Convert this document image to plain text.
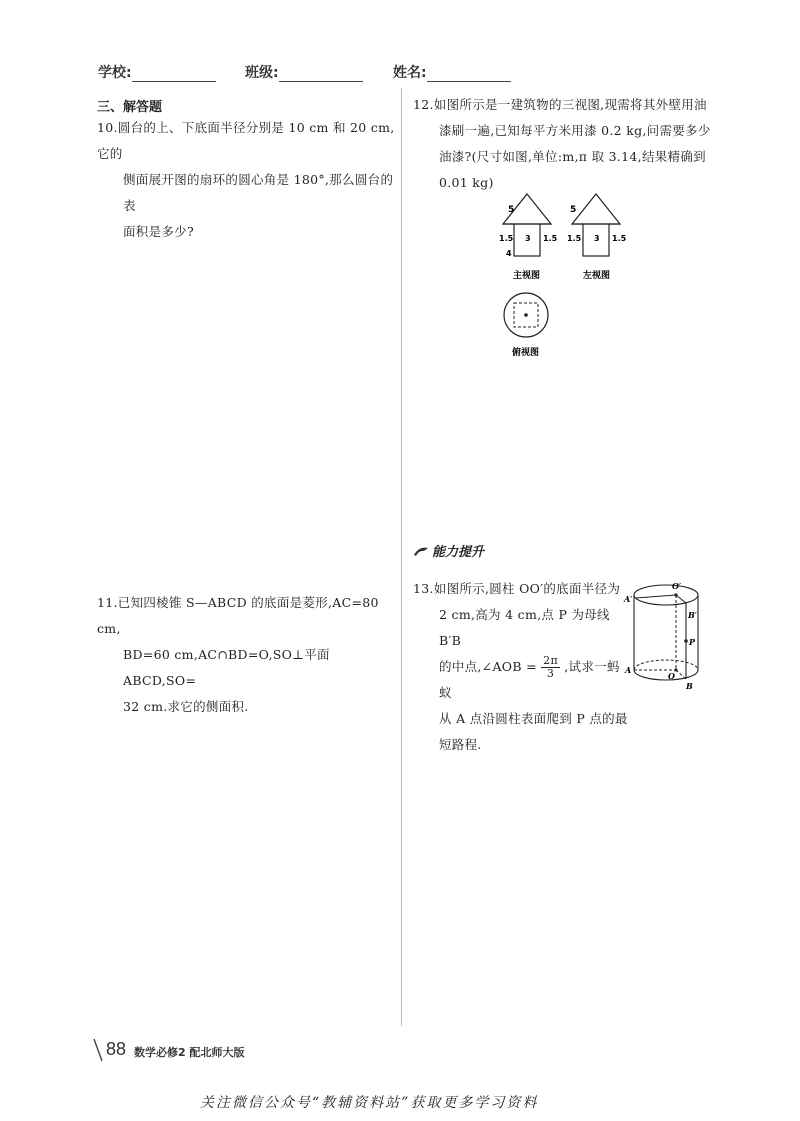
学校:	班级:	姓名:
三、解答题
10.圆台的上、下底面半径分别是 10 cm 和 20 cm,它的
侧面展开图的扇环的圆心角是 180°,那么圆台的表
面积是多少?
11.已知四棱锥 S—ABCD 的底面是菱形,AC=80 cm,
BD=60 cm,AC∩BD=O,SO⊥平面 ABCD,SO=
32 cm.求它的侧面积.
12.如图所示是一建筑物的三视图,现需将其外壁用油
漆刷一遍,已知每平方米用漆 0.2 kg,问需要多少
油漆?(尺寸如图,单位:m,π 取 3.14,结果精确到
0.01 kg)
5
1.5 3 1.5
4
主视图
5
1.5 3 1.5
左视图
俯视图
能力提升
13.如图所示,圆柱 OO′的底面半径为
2 cm,高为 4 cm,点 P 为母线 B′B
的中点,∠AOB = $\frac{2\pi}{3}$ ,试求一蚂蚁
从 A 点沿圆柱表面爬到 P 点的最
短路程.
A′
O′
B′
P
A
O
B
88 数学必修2 配北师大版
关注微信公众号“教辅资料站”获取更多学习资料
